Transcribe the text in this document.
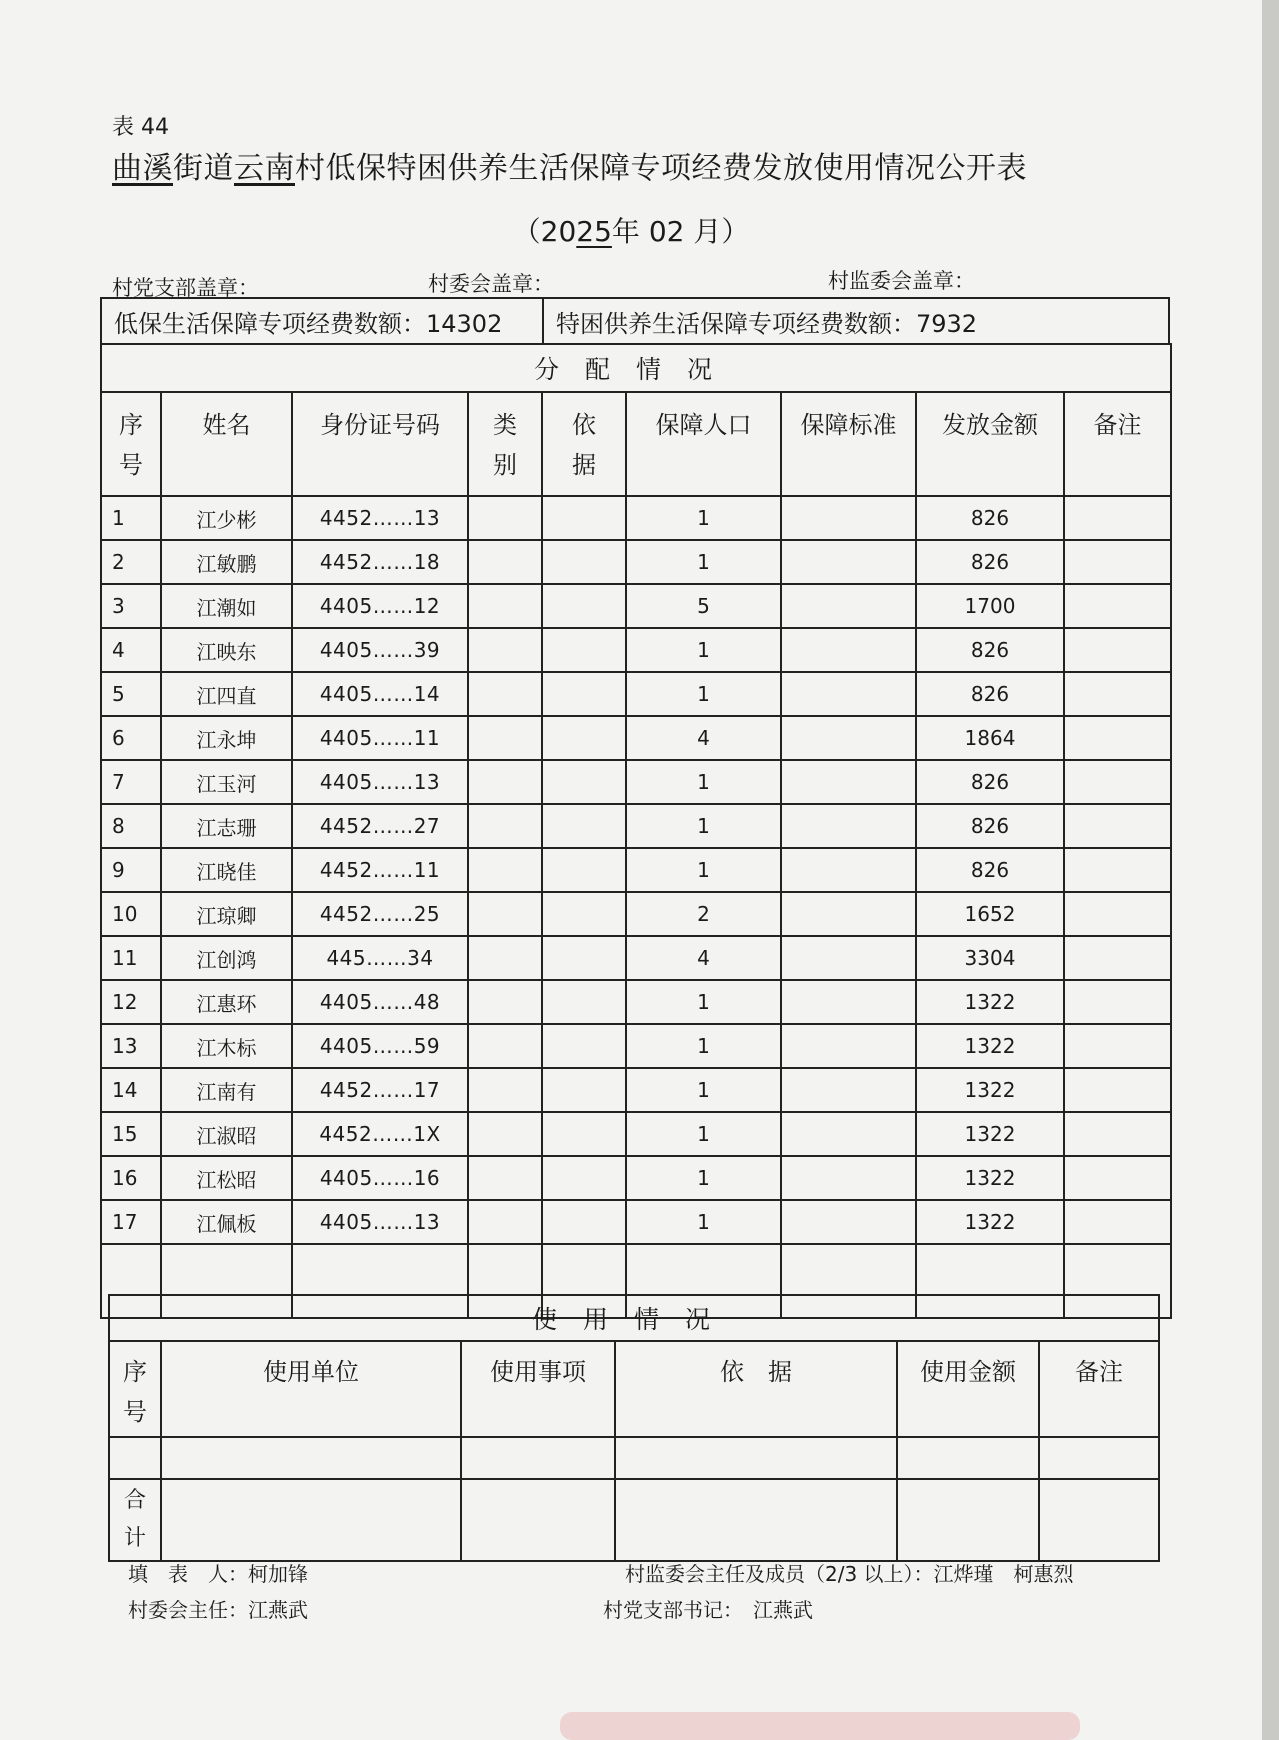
表 44
曲溪街道云南村低保特困供养生活保障专项经费发放使用情况公开表
（2025年 02 月）
村党支部盖章：	村委会盖章：	村监委会盖章：
低保生活保障专项经费数额：14302	特困供养生活保障专项经费数额：7932
分配情况								

序号	姓名	身份证号码	类别	依据	保障人口	保障标准	发放金额	备注
1	江少彬	4452……13			1		826	
2	江敏鹏	4452……18			1		826	
3	江潮如	4405……12			5		1700	
4	江映东	4405……39			1		826	
5	江四直	4405……14			1		826	
6	江永坤	4405……11			4		1864	
7	江玉河	4405……13			1		826	
8	江志珊	4452……27			1		826	
9	江晓佳	4452……11			1		826	
10	江琼卿	4452……25			2		1652	
11	江创鸿	445……34			4		3304	
12	江惠环	4405……48			1		1322	
13	江木标	4405……59			1		1322	
14	江南有	4452……17			1		1322	
15	江淑昭	4452……1X			1		1322	
16	江松昭	4405……16			1		1322	
17	江佩板	4405……13			1		1322	

使用情况					

序号	使用单位	使用事项	依　据	使用金额	备注

合计					

填　表　人：柯加锋	村监委会主任及成员（2/3 以上）：江烨瑾　柯惠烈
村委会主任：江燕武	村党支部书记：　 江燕武
